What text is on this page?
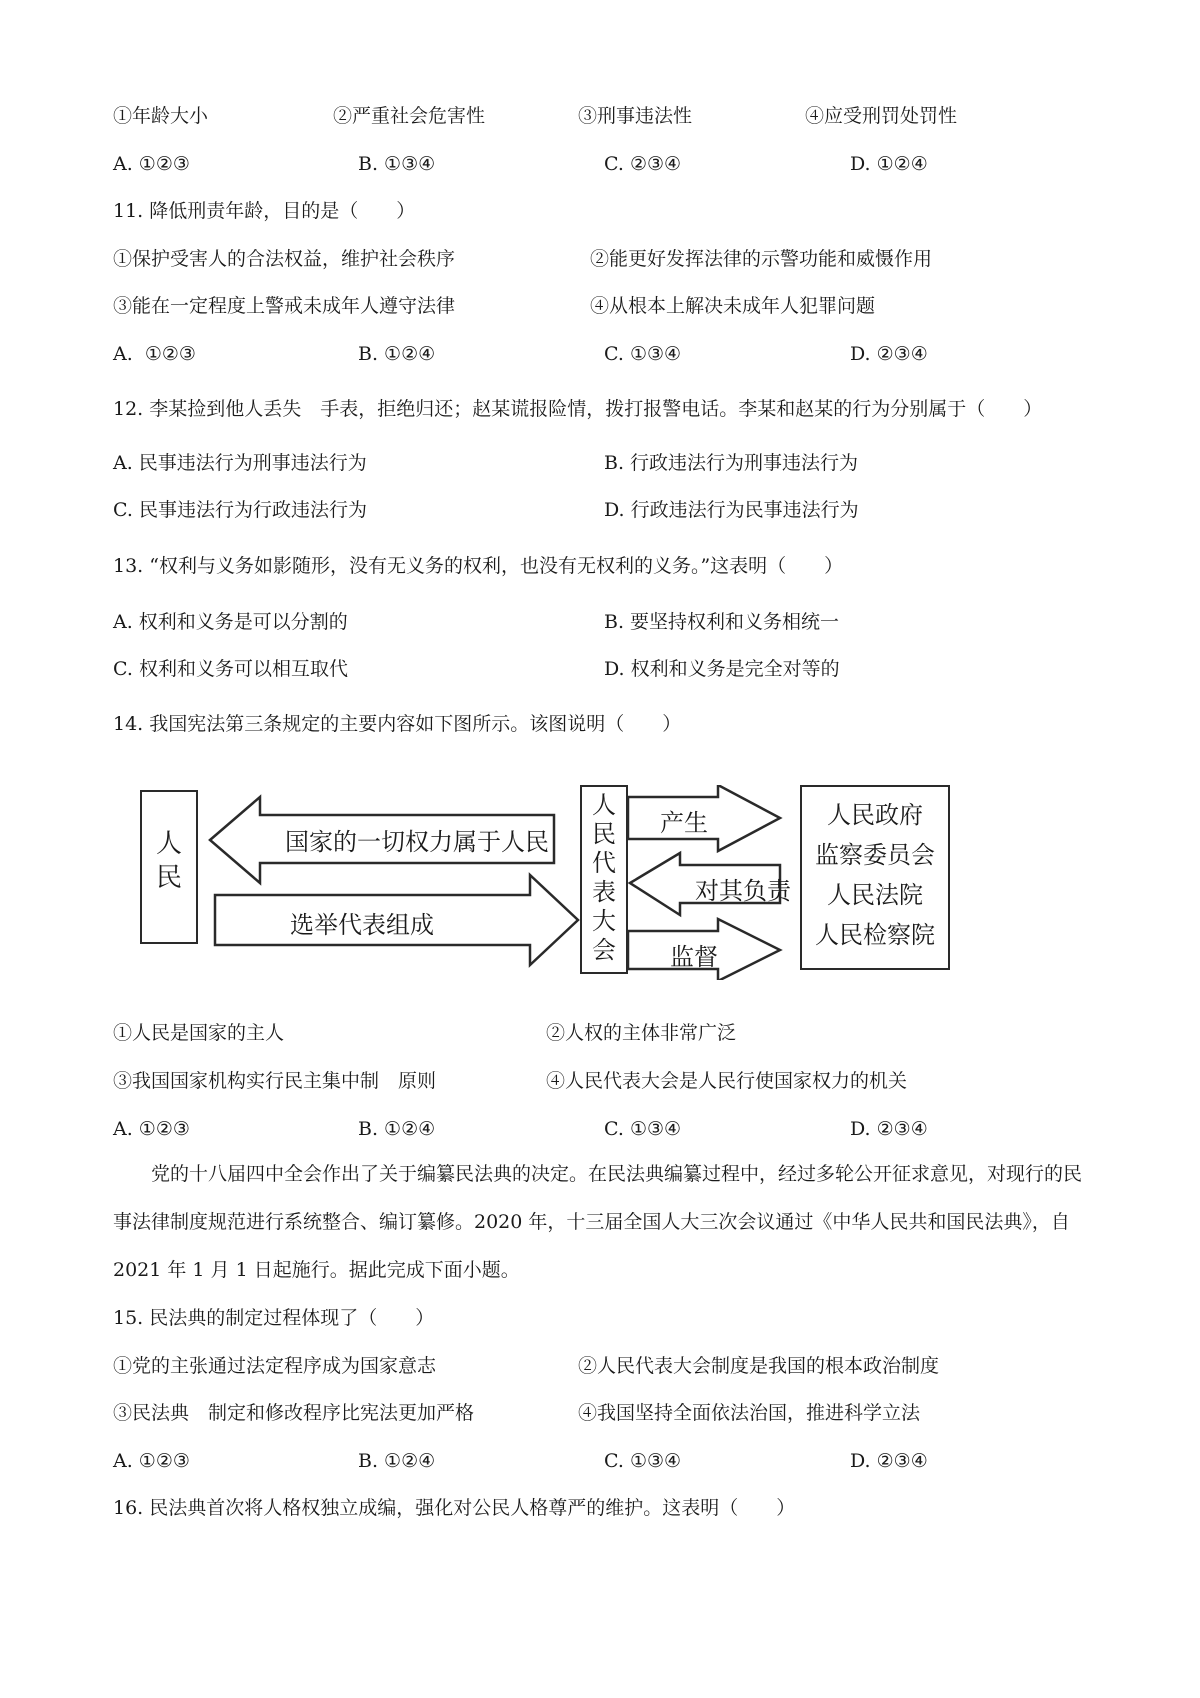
①年龄大小	②严重社会危害性	③刑事违法性	④应受刑罚处罚性
A. ①②③	B. ①③④	C. ②③④	D. ①②④
11. 降低刑责年龄，目的是（　　）
①保护受害人的合法权益，维护社会秩序	②能更好发挥法律的示警功能和威慑作用
③能在一定程度上警戒未成年人遵守法律	④从根本上解决未成年人犯罪问题
A.  ①②③	B. ①②④	C. ①③④	D. ②③④
12. 李某捡到他人丢失　手表，拒绝归还；赵某谎报险情，拨打报警电话。李某和赵某的行为分别属于（　　）
A. 民事违法行为刑事违法行为	B. 行政违法行为刑事违法行为
C. 民事违法行为行政违法行为	D. 行政违法行为民事违法行为
13. “权利与义务如影随形，没有无义务的权利，也没有无权利的义务。”这表明（　　）
A. 权利和义务是可以分割的	B. 要坚持权利和义务相统一
C. 权利和义务可以相互取代	D. 权利和义务是完全对等的
14. 我国宪法第三条规定的主要内容如下图所示。该图说明（　　）
人民
国家的一切权力属于人民
选举代表组成
人民代表大会
产生
对其负责
监督
人民政府
监察委员会
人民法院
人民检察院
①人民是国家的主人	②人权的主体非常广泛
③我国国家机构实行民主集中制　原则	④人民代表大会是人民行使国家权力的机关
A. ①②③	B. ①②④	C. ①③④	D. ②③④
党的十八届四中全会作出了关于编纂民法典的决定。在民法典编纂过程中，经过多轮公开征求意见，对现行的民事法律制度规范进行系统整合、编订纂修。2020 年，十三届全国人大三次会议通过《中华人民共和国民法典》，自 2021 年 1 月 1 日起施行。据此完成下面小题。
15. 民法典的制定过程体现了（　　）
①党的主张通过法定程序成为国家意志	②人民代表大会制度是我国的根本政治制度
③民法典　制定和修改程序比宪法更加严格	④我国坚持全面依法治国，推进科学立法
A. ①②③	B. ①②④	C. ①③④	D. ②③④
16. 民法典首次将人格权独立成编，强化对公民人格尊严的维护。这表明（　　）
